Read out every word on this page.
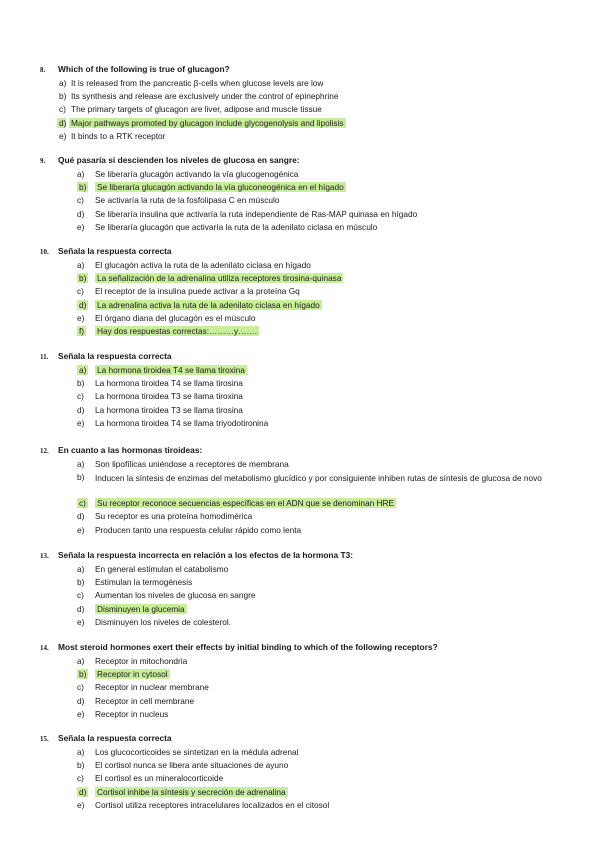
8. Which of the following is true of glucagon?
a) It is released from the pancreatic β-cells when glucose levels are low
b) Its synthesis and release are exclusively under the control of epinephrine
c) The primary targets of glucagon are liver, adipose and muscle tissue
d) Major pathways promoted by glucagon include glycogenolysis and lipolisis
e) It binds to a RTK receptor
9. Qué pasaría si descienden los niveles de glucosa en sangre:
a) Se liberaría glucagón activando la vía glucogenogénica
b) Se liberaría glucagón activando la vía gluconeogénica en el hígado
c) Se activaría la ruta de la fosfolipasa C en músculo
d) Se liberaría insulina que activaría la ruta independiente de Ras-MAP quinasa en hígado
e) Se liberaría glucagón que activaría la ruta de la adenilato ciclasa en músculo
10. Señala la respuesta correcta
a) El glucagón activa la ruta de la adenilato ciclasa en hígado
b) La señalización de la adrenalina utiliza receptores tirosina-quinasa
c) El receptor de la insulina puede activar a la proteína Gq
d) La adrenalina activa la ruta de la adenilato ciclasa en hígado
e) El órgano diana del glucagón es el músculo
f) Hay dos respuestas correctas:………y…….
11. Señala la respuesta correcta
a) La hormona tiroidea T4 se llama tiroxina
b) La hormona tiroidea T4 se llama tirosina
c) La hormona tiroidea T3 se llama tiroxina
d) La hormona tiroidea T3 se llama tirosina
e) La hormona tiroidea T4 se llama triyodotironina
12. En cuanto a las hormonas tiroideas:
a) Son lipofílicas uniéndose a receptores de membrana
b) Inducen la síntesis de enzimas del metabolismo glucídico y por consiguiente inhiben rutas de síntesis de glucosa de novo
c) Su receptor reconoce secuencias específicas en el ADN que se denominan HRE
d) Su receptor es una proteína homodimérica
e) Producen tanto una respuesta celular rápido como lenta
13. Señala la respuesta incorrecta en relación a los efectos de la hormona T3:
a) En general estimulan el catabolismo
b) Estimulan la termogénesis
c) Aumentan los niveles de glucosa en sangre
d) Disminuyen la glucemia
e) Disminuyen los niveles de colesterol.
14. Most steroid hormones exert their effects by initial binding to which of the following receptors?
a) Receptor in mitochondria
b) Receptor in cytosol
c) Receptor in nuclear membrane
d) Receptor in cell membrane
e) Receptor in nucleus
15. Señala la respuesta correcta
a) Los glucocorticoides se sintetizan en la médula adrenal
b) El cortisol nunca se libera ante situaciones de ayuno
c) El cortisol es un mineralocorticoide
d) Cortisol inhibe la síntesis y secreción de adrenalina
e) Cortisol utiliza receptores intracelulares localizados en el citosol
